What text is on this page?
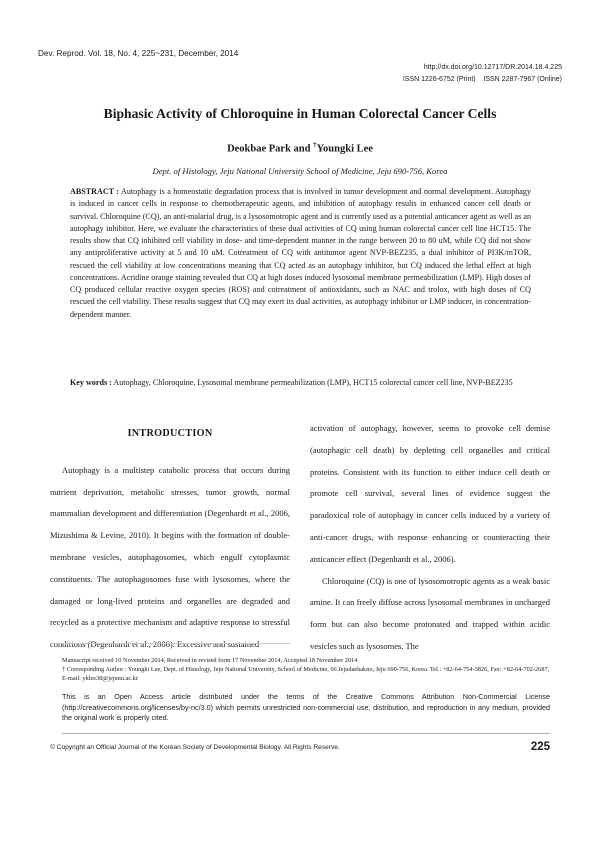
Dev. Reprod. Vol. 18, No. 4, 225~231, December, 2014
http://dx.doi.org/10.12717/DR.2014.18.4.225
ISSN 1226-6752 (Print)    ISSN 2287-7967 (Online)
Biphasic Activity of Chloroquine in Human Colorectal Cancer Cells
Deokbae Park and †Youngki Lee
Dept. of Histology, Jeju National University School of Medicine, Jeju 690-756, Korea
ABSTRACT : Autophagy is a homeostatic degradation process that is involved in tumor development and normal development. Autophagy is induced in cancer cells in response to chemotherapeutic agents, and inhibition of autophagy results in enhanced cancer cell death or survival. Chloroquine (CQ), an anti-malarial drug, is a lysosomotropic agent and is currently used as a potential anticancer agent as well as an autophagy inhibitor. Here, we evaluate the characteristics of these dual activities of CQ using human colorectal cancer cell line HCT15. The results show that CQ inhibited cell viability in dose- and time-dependent manner in the range between 20 to 80 uM, while CQ did not show any antiproliferative activity at 5 and 10 uM. Cotreatment of CQ with antitumor agent NVP-BEZ235, a dual inhibitor of PI3K/mTOR, rescued the cell viability at low concentrations meaning that CQ acted as an autophagy inhibitor, but CQ induced the lethal effect at high concentrations. Acridine orange staining revealed that CQ at high doses induced lysosomal membrane permeabilization (LMP). High doses of CQ produced cellular reactive oxygen species (ROS) and cotreatment of antioxidants, such as NAC and trolox, with high doses of CQ rescued the cell viability. These results suggest that CQ may exert its dual activities, as autophagy inhibitor or LMP inducer, in concentration-dependent manner.
Key words : Autophagy, Chloroquine, Lysosomal membrane permeabilization (LMP), HCT15 colorectal cancer cell line, NVP-BEZ235
INTRODUCTION

Autophagy is a multistep catabolic process that occurs during nutrient deprivation, metabolic stresses, tumor growth, normal mammalian development and differentiation (Degenhardt et al., 2006, Mizushima & Levine, 2010). It begins with the formation of double-membrane vesicles, autophagosomes, which engulf cytoplasmic constituents. The autophagosomes fuse with lysosomes, where the damaged or long-lived proteins and organelles are degraded and recycled as a protective mechanism and adaptive response to stressful conditions (Degenhardt et al., 2006). Excessive and sustained

activation of autophagy, however, seems to provoke cell demise (autophagic cell death) by depleting cell organelles and critical proteins. Consistent with its function to either induce cell death or promote cell survival, several lines of evidence suggest the paradoxical role of autophagy in cancer cells induced by a variety of anti-cancer drugs, with response enhancing or counteracting their anticancer effect (Degenhardt et al., 2006).

Chloroquine (CQ) is one of lysosomotropic agents as a weak basic amine. It can freely diffuse across lysosomal membranes in uncharged form but can also become protonated and trapped within acidic vesicles such as lysosomes. The

Manuscript received 10 November 2014, Received in revised form 17 November 2014, Accepted 18 November 2014
† Corresponding Author : Youngki Lee, Dept. of Histology, Jeju National University, School of Medicine, 66 Jejudaehakno, Jeju 690-756, Korea. Tel.: +82-64-754-3826, Fax: +82-64-702-2687, E-mail: yklee38@jejunu.ac.kr
This is an Open Access article distributed under the terms of the Creative Commons Attribution Non-Commercial License (http://creativecommons.org/licenses/by-nc/3.0) which permits unrestricted non-commercial use, distribution, and reproduction in any medium, provided the original work is properly cited.
© Copyright an Official Journal of the Korean Society of Developmental Biology. All Rights Reserve.	225
